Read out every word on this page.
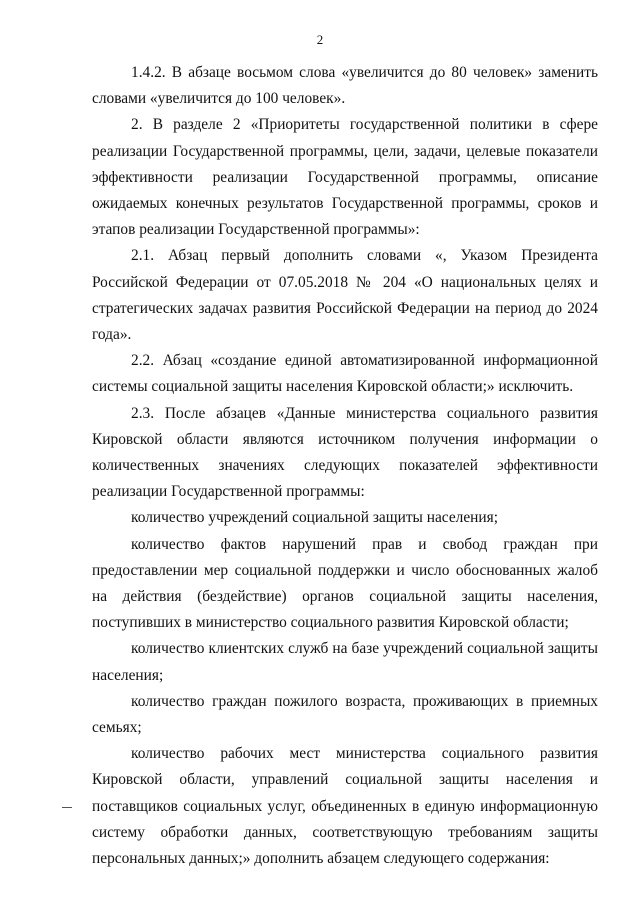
2

1.4.2. В абзаце восьмом слова «увеличится до 80 человек» заменить словами «увеличится до 100 человек».

2. В разделе 2 «Приоритеты государственной политики в сфере реализации Государственной программы, цели, задачи, целевые показатели эффективности реализации Государственной программы, описание ожидаемых конечных результатов Государственной программы, сроков и этапов реализации Государственной программы»:

2.1. Абзац первый дополнить словами «, Указом Президента Российской Федерации от 07.05.2018 № 204 «О национальных целях и стратегических задачах развития Российской Федерации на период до 2024 года».

2.2. Абзац «создание единой автоматизированной информационной системы социальной защиты населения Кировской области;» исключить.

2.3. После абзацев «Данные министерства социального развития Кировской области являются источником получения информации о количественных значениях следующих показателей эффективности реализации Государственной программы:

количество учреждений социальной защиты населения;

количество фактов нарушений прав и свобод граждан при предоставлении мер социальной поддержки и число обоснованных жалоб на действия (бездействие) органов социальной защиты населения, поступивших в министерство социального развития Кировской области;

количество клиентских служб на базе учреждений социальной защиты населения;

количество граждан пожилого возраста, проживающих в приемных семьях;

количество рабочих мест министерства социального развития Кировской области, управлений социальной защиты населения и поставщиков социальных услуг, объединенных в единую информационную систему обработки данных, соответствующую требованиям защиты персональных данных;» дополнить абзацем следующего содержания:
